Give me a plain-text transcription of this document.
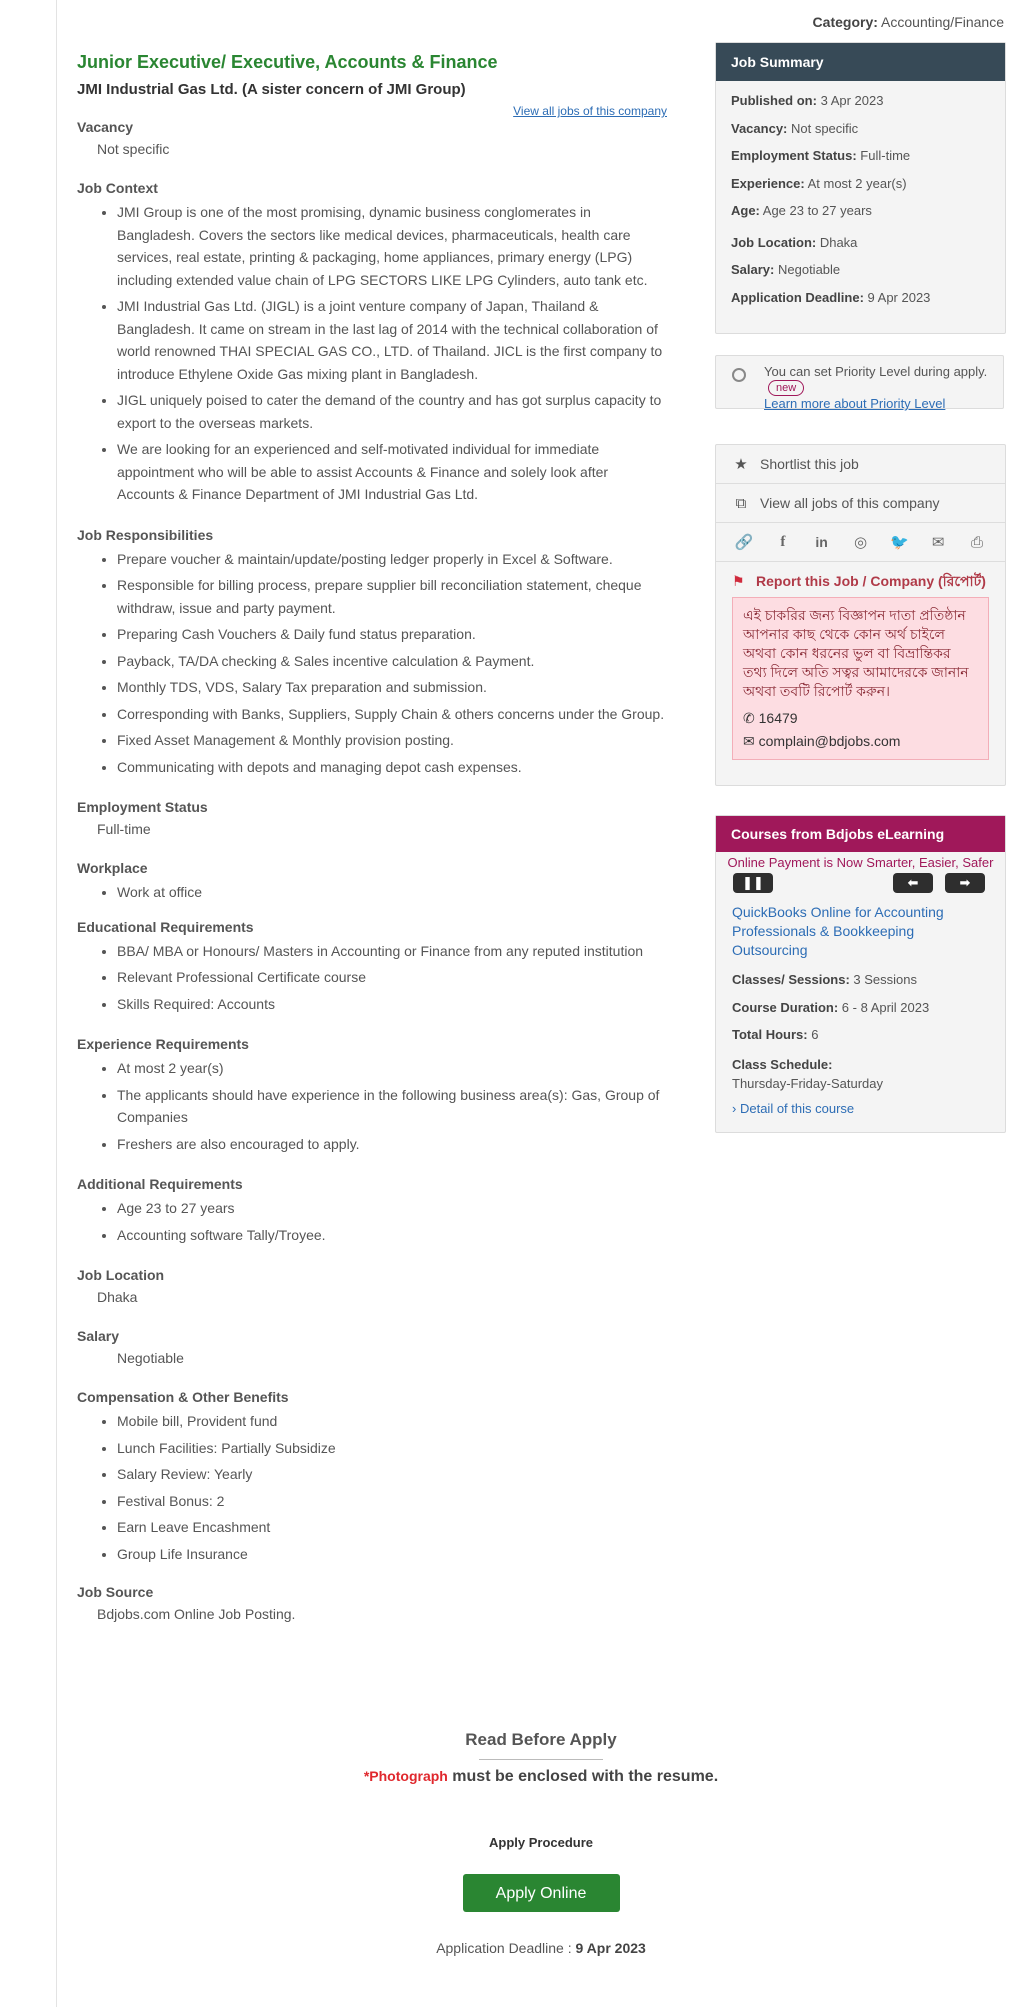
Category: Accounting/Finance
Junior Executive/ Executive, Accounts & Finance
JMI Industrial Gas Ltd. (A sister concern of JMI Group)
View all jobs of this company
Vacancy

Not specific

Job Context
• JMI Group is one of the most promising, dynamic business conglomerates in Bangladesh. Covers the sectors like medical devices, pharmaceuticals, health care services, real estate, printing & packaging, home appliances, primary energy (LPG) including extended value chain of LPG SECTORS LIKE LPG Cylinders, auto tank etc.
• JMI Industrial Gas Ltd. (JIGL) is a joint venture company of Japan, Thailand & Bangladesh. It came on stream in the last lag of 2014 with the technical collaboration of world renowned THAI SPECIAL GAS CO., LTD. of Thailand. JICL is the first company to introduce Ethylene Oxide Gas mixing plant in Bangladesh.
• JIGL uniquely poised to cater the demand of the country and has got surplus capacity to export to the overseas markets.
• We are looking for an experienced and self-motivated individual for immediate appointment who will be able to assist Accounts & Finance and solely look after Accounts & Finance Department of JMI Industrial Gas Ltd.
Job Responsibilities
• Prepare voucher & maintain/update/posting ledger properly in Excel & Software.
• Responsible for billing process, prepare supplier bill reconciliation statement, cheque withdraw, issue and party payment.
• Preparing Cash Vouchers & Daily fund status preparation.
• Payback, TA/DA checking & Sales incentive calculation & Payment.
• Monthly TDS, VDS, Salary Tax preparation and submission.
• Corresponding with Banks, Suppliers, Supply Chain & others concerns under the Group.
• Fixed Asset Management & Monthly provision posting.
• Communicating with depots and managing depot cash expenses.
Employment Status

Full-time

Workplace
• Work at office
Educational Requirements
• BBA/ MBA or Honours/ Masters in Accounting or Finance from any reputed institution
• Relevant Professional Certificate course
• Skills Required: Accounts
Experience Requirements
• At most 2 year(s)
• The applicants should have experience in the following business area(s): Gas, Group of Companies
• Freshers are also encouraged to apply.
Additional Requirements
• Age 23 to 27 years
• Accounting software Tally/Troyee.
Job Location

Dhaka

Salary

Negotiable

Compensation & Other Benefits
• Mobile bill, Provident fund
• Lunch Facilities: Partially Subsidize
• Salary Review: Yearly
• Festival Bonus: 2
• Earn Leave Encashment
• Group Life Insurance
Job Source

Bdjobs.com Online Job Posting.

Read Before Apply
*Photograph must be enclosed with the resume.
Apply Procedure
Apply Online
Application Deadline : 9 Apr 2023
Job Summary
Published on: 3 Apr 2023
Vacancy: Not specific
Employment Status: Full-time
Experience: At most 2 year(s)
Age: Age 23 to 27 years
Job Location: Dhaka
Salary: Negotiable
Application Deadline: 9 Apr 2023
You can set Priority Level during apply.new
Learn more about Priority Level
★ Shortlist this job
⧉ View all jobs of this company
🔗	f	in ◎ 🐦 ✉ ⎙
⚑ Report this Job / Company (রিপোর্ট)
এই চাকরির জন্য বিজ্ঞাপন দাতা প্রতিষ্ঠান আপনার কাছ থেকে কোন অর্থ চাইলে অথবা কোন ধরনের ভুল বা বিভ্রান্তিকর তথ্য দিলে অতি সত্বর আমাদেরকে জানান অথবা তবটি রিপোর্ট করুন।
✆ 16479
✉ complain@bdjobs.com
Courses from Bdjobs eLearning
Online Payment is Now Smarter, Easier, Safer
❚❚	⬅	➡
QuickBooks Online for Accounting Professionals & Bookkeeping Outsourcing
Classes/ Sessions: 3 Sessions
Course Duration: 6 - 8 April 2023
Total Hours: 6
Class Schedule:
Thursday-Friday-Saturday
› Detail of this course
